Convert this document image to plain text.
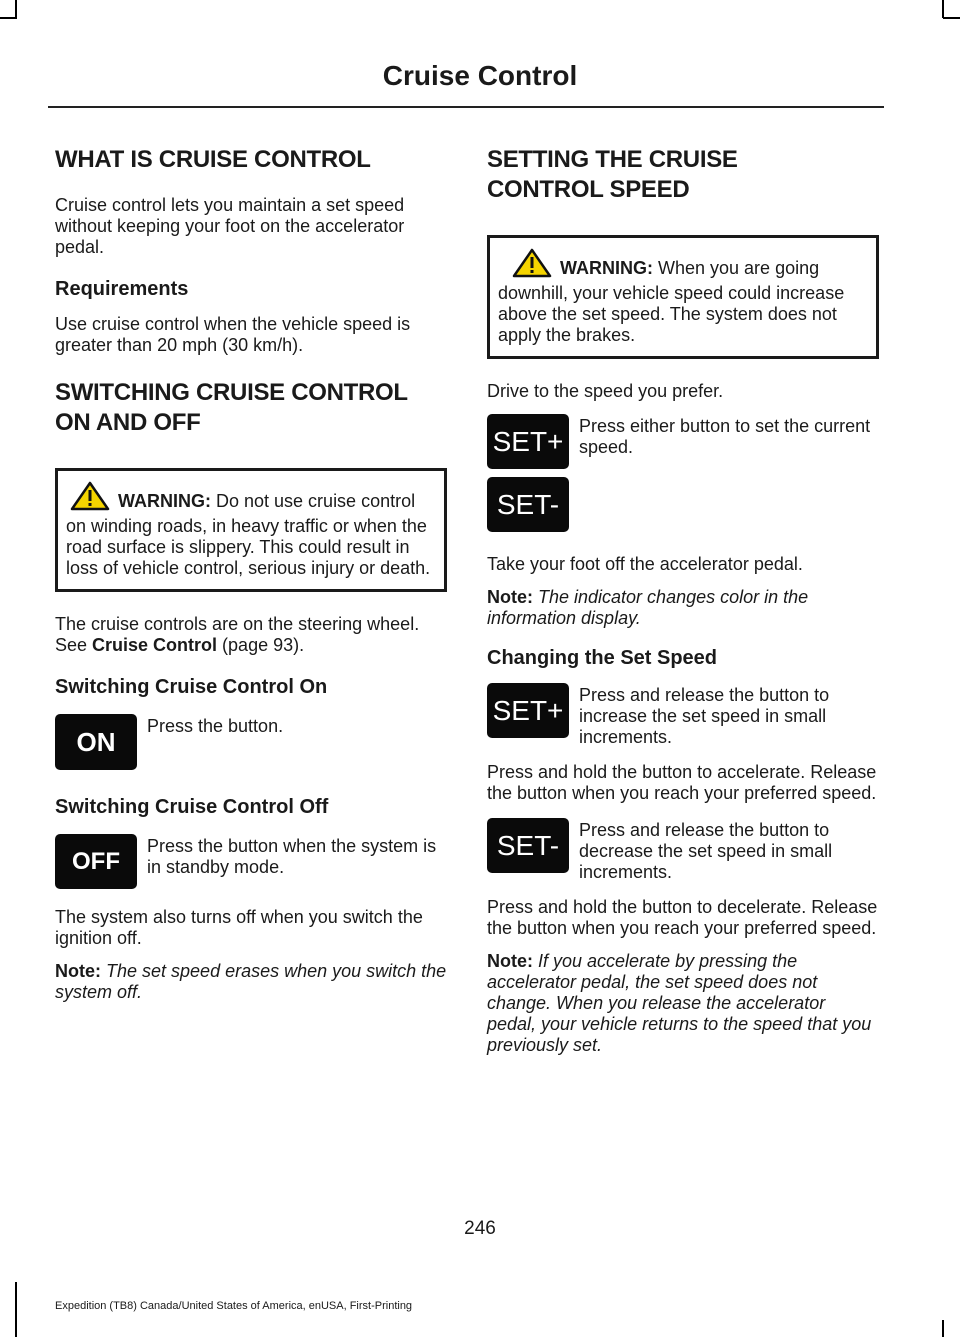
Cruise Control
WHAT IS CRUISE CONTROL

Cruise control lets you maintain a set speed without keeping your foot on the accelerator pedal.

Requirements

Use cruise control when the vehicle speed is greater than 20 mph (30 km/h).

SWITCHING CRUISE CONTROL
ON AND OFF
WARNING: Do not use cruise control on winding roads, in heavy traffic or when the road surface is slippery. This could result in loss of vehicle control, serious injury or death.

The cruise controls are on the steering wheel. See Cruise Control (page 93).

Switching Cruise Control On
ON
Press the button.
Switching Cruise Control Off
OFF
Press the button when the system is in standby mode.

The system also turns off when you switch the ignition off.

Note: The set speed erases when you switch the system off.

SETTING THE CRUISE
CONTROL SPEED
WARNING: When you are going downhill, your vehicle speed could increase above the set speed. The system does not apply the brakes.

Drive to the speed you prefer.

SET+ Press either button to set the current speed.
SET-

Take your foot off the accelerator pedal.

Note: The indicator changes color in the information display.

Changing the Set Speed
SET+ Press and release the button to increase the set speed in small increments.

Press and hold the button to accelerate. Release the button when you reach your preferred speed.

SET- Press and release the button to decrease the set speed in small increments.

Press and hold the button to decelerate. Release the button when you reach your preferred speed.

Note: If you accelerate by pressing the accelerator pedal, the set speed does not change. When you release the accelerator pedal, your vehicle returns to the speed that you previously set.

246
Expedition (TB8) Canada/United States of America, enUSA, First-Printing
